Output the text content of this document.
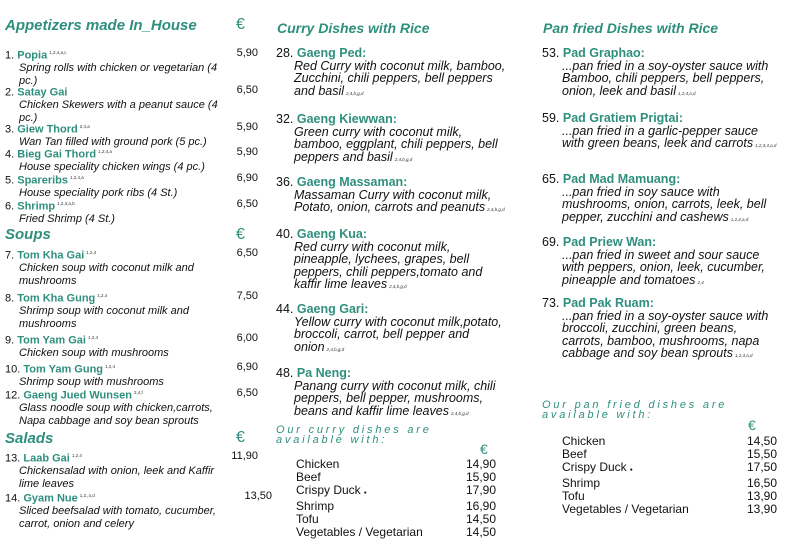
Appetizers made In_House €
1. Popia $^{1,2,4,a,c}$
Spring rolls with chicken or vegetarian (4 pc.)
5,90
2. Satay Gai
Chicken Skewers with a peanut sauce (4 pc.)
6,50
3. Giew Thord $^{2,4,a}$
Wan Tan filled with ground pork (5 pc.)
5,90
4. Bieg Gai Thord $^{1,2,4,a}$
House speciality chicken wings (4 pc.)
5,90
5. Spareribs $^{1,2,4,a}$
House speciality pork ribs (4 St.)
6,90
6. Shrimp $^{1,2,3,a,b}$
Fried Shrimp (4 St.)
6,50
Soups	€
7. Tom Kha Gai $^{1,2,4}$
Chicken soup with coconut milk and mushrooms
6,50
8. Tom Kha Gung $^{1,2,4}$
Shrimp soup with coconut milk and mushrooms
7,50
9. Tom Yam Gai $^{1,2,4}$
Chicken soup with mushrooms
6,00
10. Tom Yam Gung $^{1,2,4}$
Shrimp soup with mushrooms
6,90
12. Gaeng Jued Wunsen $^{2,4,f}$
Glass noodle soup with chicken,carrots, Napa cabbage and soy bean sprouts
6,50
Salads	€
13. Laab Gai $^{1,2,4}$
Chickensalad with onion, leek and Kaffir lime leaves
11,90
14. Gyam Nue $^{1,2,,4,d}$
Sliced beefsalad with tomato, cucumber, carrot, onion and celery
13,50
Curry Dishes with Rice
28. Gaeng Ped:
Red Curry with coconut milk, bamboo, Zucchini, chili peppers, bell peppers and basil 2,4,b,g,d
32. Gaeng Kiewwan:
Green curry with coconut milk, bamboo, eggplant, chili peppers, bell peppers and basil 2,4,b,g,d
36. Gaeng Massaman:
Massaman Curry with coconut milk, Potato, onion, carrots and peanuts 2,4,b,g,d
40. Gaeng Kua:
Red curry with coconut milk, pineapple, lychees, grapes, bell peppers, chili peppers,tomato and kaffir lime leaves 2,4,b,g,d
44. Gaeng Gari:
Yellow curry with coconut milk,potato, broccoli, carrot, bell pepper and onion 2,4,b,g,d
48. Pa Neng:
Panang curry with coconut milk, chili peppers, bell pepper, mushrooms, beans and kaffir lime leaves 2,4,b,g,d
Our curry dishes are available with:
€
Chicken	14,90
Beef	15,90
Crispy Duck ●	17,90
Shrimp	16,90
Tofu	14,50
Vegetables / Vegetarian	14,50
Pan fried Dishes with Rice
53. Pad Graphao:
...pan fried in a soy-oyster sauce with Bamboo, chili peppers, bell peppers, onion, leek and basil 1,2,4,a,d
59. Pad Gratiem Prigtai:
...pan fried in a garlic-pepper sauce with green beans, leek and carrots 1,2,3,4,a,d
65. Pad Mad Mamuang:
...pan fried in soy sauce with mushrooms, onion, carrots, leek, bell pepper, zucchini and cashews 1,2,4,a,d
69. Pad Priew Wan:
...pan fried in sweet and sour sauce with peppers, onion, leek, cucumber, pineapple and tomatoes 2,4
73. Pad Pak Ruam:
...pan fried in a soy-oyster sauce with broccoli, zucchini, green beans, carrots, bamboo, mushrooms, napa cabbage and soy bean sprouts 1,2,4,a,d
Our pan fried dishes are available with:
€
Chicken	14,50
Beef	15,50
Crispy Duck ●	17,50
Shrimp	16,50
Tofu	13,90
Vegetables / Vegetarian	13,90
